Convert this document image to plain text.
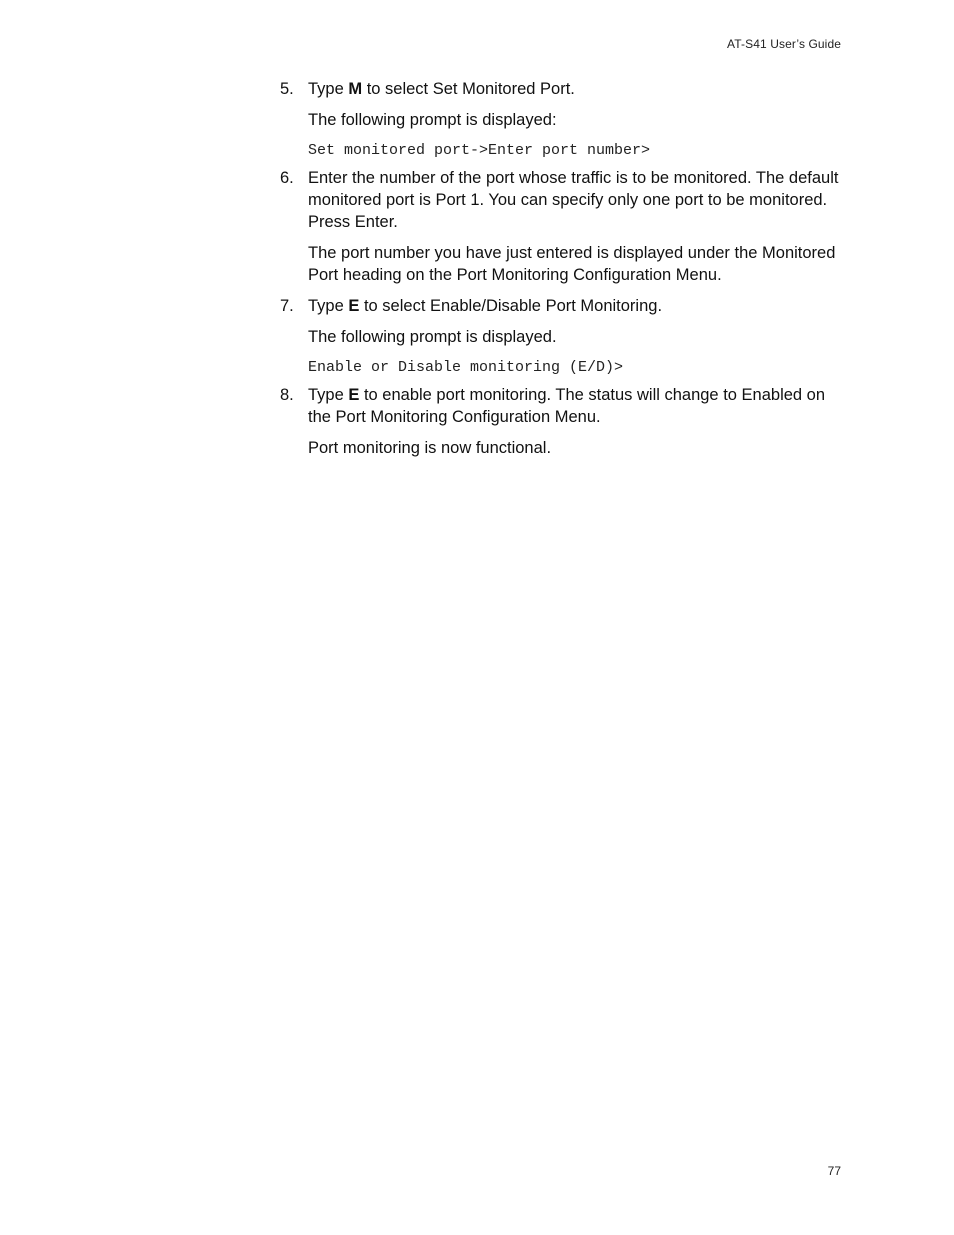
AT-S41 User’s Guide

5. Type M to select Set Monitored Port.

The following prompt is displayed:

Set monitored port->Enter port number>

6. Enter the number of the port whose traffic is to be monitored. The default monitored port is Port 1. You can specify only one port to be monitored. Press Enter.

The port number you have just entered is displayed under the Monitored Port heading on the Port Monitoring Configuration Menu.

7. Type E to select Enable/Disable Port Monitoring.

The following prompt is displayed.

Enable or Disable monitoring (E/D)>

8. Type E to enable port monitoring. The status will change to Enabled on the Port Monitoring Configuration Menu.

Port monitoring is now functional.

77
